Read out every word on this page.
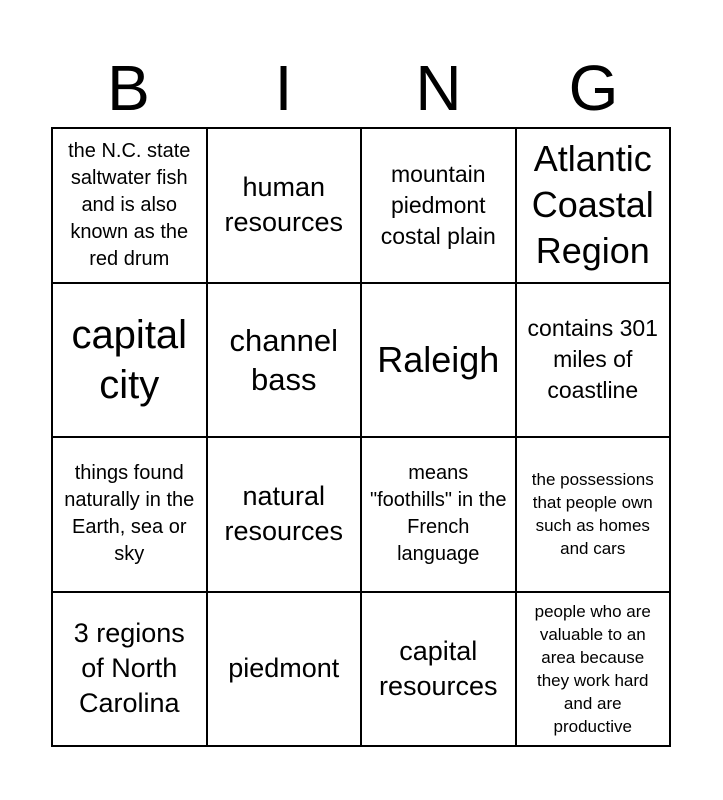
B	I	N	G
the N.C. state saltwater fish and is also known as the red drum
human resources
mountain piedmont costal plain
Atlantic Coastal Region
capital city
channel bass	Raleigh
contains 301 miles of coastline
things found naturally in the Earth, sea or sky
natural resources
means "foothills" in the French language
the possessions that people own such as homes and cars
3 regions of North Carolina
piedmont
capital resources
people who are valuable to an area because they work hard and are productive
